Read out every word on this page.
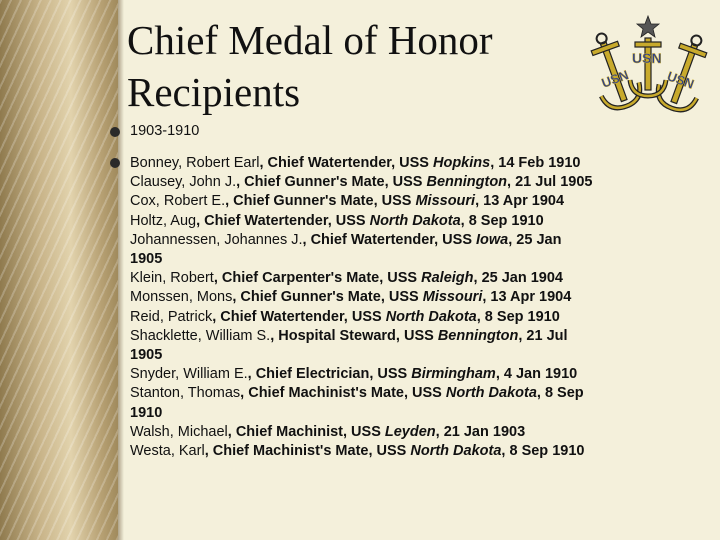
Chief Medal of Honor
Recipients	USN	USN
USN
1903-1910
Bonney, Robert Earl, Chief Watertender, USS Hopkins, 14 Feb 1910
Clausey, John J., Chief Gunner's Mate, USS Bennington, 21 Jul 1905
Cox, Robert E., Chief Gunner's Mate, USS Missouri, 13 Apr 1904
Holtz, Aug, Chief Watertender, USS North Dakota, 8 Sep 1910
Johannessen, Johannes J., Chief Watertender, USS Iowa, 25 Jan
1905
Klein, Robert, Chief Carpenter's Mate, USS Raleigh, 25 Jan 1904
Monssen, Mons, Chief Gunner's Mate, USS Missouri, 13 Apr 1904
Reid, Patrick, Chief Watertender, USS North Dakota, 8 Sep 1910
Shacklette, William S., Hospital Steward, USS Bennington, 21 Jul
1905
Snyder, William E., Chief Electrician, USS Birmingham, 4 Jan 1910
Stanton, Thomas, Chief Machinist's Mate, USS North Dakota, 8 Sep
1910
Walsh, Michael, Chief Machinist, USS Leyden, 21 Jan 1903
Westa, Karl, Chief Machinist's Mate, USS North Dakota, 8 Sep 1910
